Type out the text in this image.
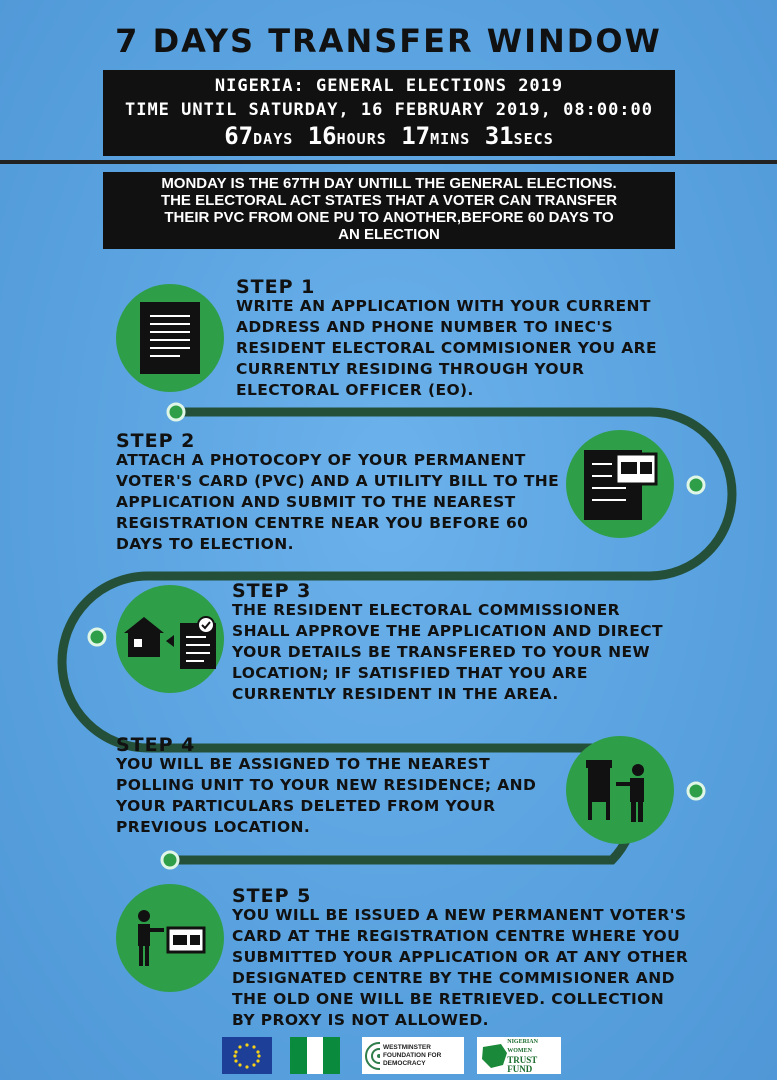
7 DAYS TRANSFER WINDOW
NIGERIA: GENERAL ELECTIONS 2019
TIME UNTIL SATURDAY, 16 FEBRUARY 2019, 08:00:00
67DAYS 16HOURS 17MINS 31SECS
MONDAY IS THE 67TH DAY UNTILL THE GENERAL ELECTIONS.
THE ELECTORAL ACT STATES THAT A VOTER CAN TRANSFER
THEIR PVC FROM ONE PU TO ANOTHER,BEFORE 60 DAYS TO
AN ELECTION
STEP 1
WRITE AN APPLICATION WITH YOUR CURRENT ADDRESS AND PHONE NUMBER TO INEC'S RESIDENT ELECTORAL COMMISIONER YOU ARE CURRENTLY RESIDING THROUGH YOUR ELECTORAL OFFICER (EO).
STEP 2
ATTACH A PHOTOCOPY OF YOUR PERMANENT VOTER'S CARD (PVC) AND A UTILITY BILL TO THE APPLICATION AND SUBMIT TO THE NEAREST REGISTRATION CENTRE NEAR YOU BEFORE 60 DAYS TO ELECTION.
STEP 3
THE RESIDENT ELECTORAL COMMISSIONER SHALL APPROVE THE APPLICATION AND DIRECT YOUR DETAILS BE TRANSFERED TO YOUR NEW LOCATION; IF SATISFIED THAT YOU ARE CURRENTLY RESIDENT IN THE AREA.
STEP 4
YOU WILL BE ASSIGNED TO THE NEAREST POLLING UNIT TO YOUR NEW RESIDENCE; AND YOUR PARTICULARS DELETED FROM YOUR PREVIOUS LOCATION.
STEP 5
YOU WILL BE ISSUED A NEW PERMANENT VOTER'S CARD AT THE REGISTRATION CENTRE WHERE YOU SUBMITTED YOUR APPLICATION OR AT ANY OTHER DESIGNATED CENTRE BY THE COMMISIONER AND THE OLD ONE WILL BE RETRIEVED. COLLECTION BY PROXY IS NOT ALLOWED.
WESTMINSTER FOUNDATION FOR DEMOCRACY
NIGERIAN WOMEN
TRUST FUND
